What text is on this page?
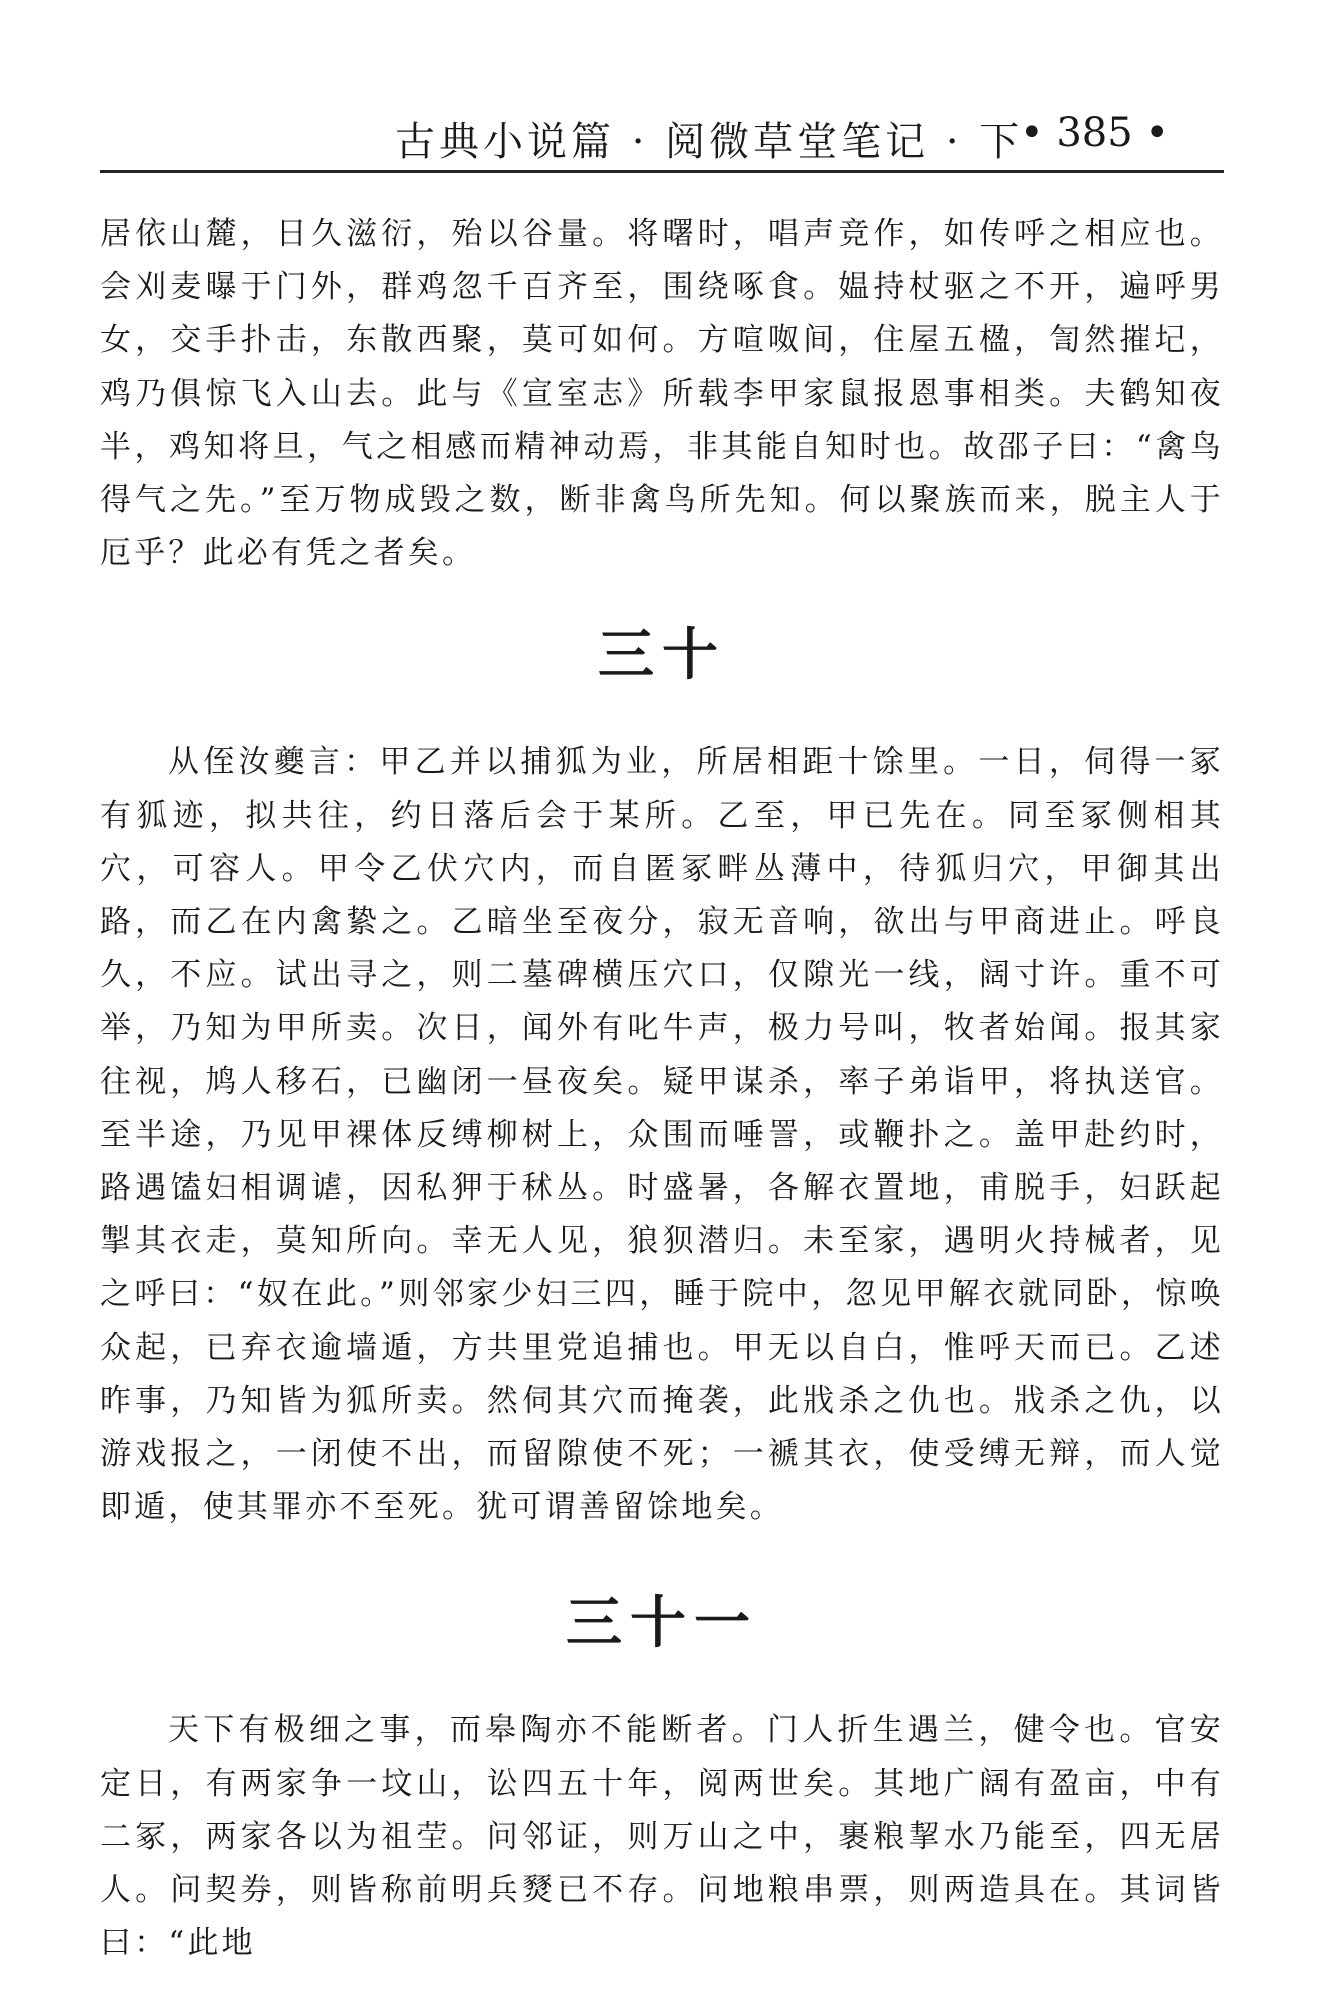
古典小说篇 · 阅微草堂笔记 · 下
• 385 •

居依山麓，日久滋衍，殆以谷量。将曙时，唱声竞作，如传呼之相应也。会刈麦曝于门外，群鸡忽千百齐至，围绕啄食。媪持杖驱之不开，遍呼男女，交手扑击，东散西聚，莫可如何。方喧呶间，住屋五楹，訇然摧圮，鸡乃俱惊飞入山去。此与《宣室志》所载李甲家鼠报恩事相类。夫鹤知夜半，鸡知将旦，气之相感而精神动焉，非其能自知时也。故邵子曰：“禽鸟得气之先。”至万物成毁之数，断非禽鸟所先知。何以聚族而来，脱主人于厄乎？此必有凭之者矣。

三十

从侄汝夔言：甲乙并以捕狐为业，所居相距十馀里。一日，伺得一冢有狐迹，拟共往，约日落后会于某所。乙至，甲已先在。同至冢侧相其穴，可容人。甲令乙伏穴内，而自匿冢畔丛薄中，待狐归穴，甲御其出路，而乙在内禽絷之。乙暗坐至夜分，寂无音响，欲出与甲商进止。呼良久，不应。试出寻之，则二墓碑横压穴口，仅隙光一线，阔寸许。重不可举，乃知为甲所卖。次日，闻外有叱牛声，极力号叫，牧者始闻。报其家往视，鸠人移石，已幽闭一昼夜矣。疑甲谋杀，率子弟诣甲，将执送官。至半途，乃见甲裸体反缚柳树上，众围而唾詈，或鞭扑之。盖甲赴约时，路遇馌妇相调谑，因私狎于秫丛。时盛暑，各解衣置地，甫脱手，妇跃起掣其衣走，莫知所向。幸无人见，狼狈潜归。未至家，遇明火持械者，见之呼曰：“奴在此。”则邻家少妇三四，睡于院中，忽见甲解衣就同卧，惊唤众起，已弃衣逾墙遁，方共里党追捕也。甲无以自白，惟呼天而已。乙述昨事，乃知皆为狐所卖。然伺其穴而掩袭，此戕杀之仇也。戕杀之仇，以游戏报之，一闭使不出，而留隙使不死；一褫其衣，使受缚无辩，而人觉即遁，使其罪亦不至死。犹可谓善留馀地矣。

三十一

天下有极细之事，而皋陶亦不能断者。门人折生遇兰，健令也。官安定日，有两家争一坟山，讼四五十年，阅两世矣。其地广阔有盈亩，中有二冢，两家各以为祖茔。问邻证，则万山之中，裹粮挈水乃能至，四无居人。问契券，则皆称前明兵燹已不存。问地粮串票，则两造具在。其词皆曰：“此地
